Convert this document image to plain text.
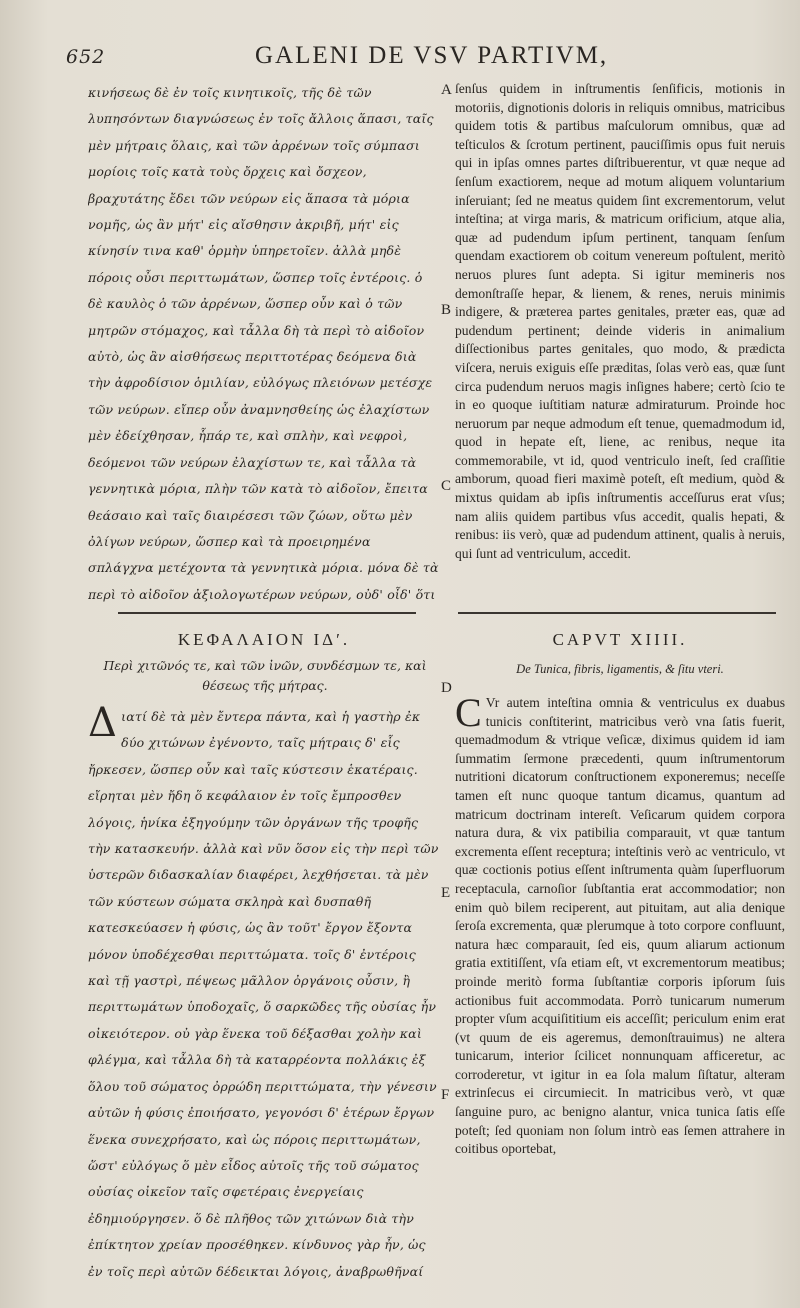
652	GALENI DE VSV PARTIVM,

κινήσεως δὲ ἐν τοῖς κινητικοῖς, τῆς δὲ τῶν λυπησόντων διαγνώσεως ἐν τοῖς ἄλλοις ἅπασι, ταῖς μὲν μήτραις ὅλαις, καὶ τῶν ἀρρένων τοῖς σύμπασι μορίοις τοῖς κατὰ τοὺς ὄρχεις καὶ ὄσχεον, βραχυτάτης ἔδει τῶν νεύρων εἰς ἅπασα τὰ μόρια νομῆς, ὡς ἂν μήτ' εἰς αἴσθησιν ἀκριβῆ, μήτ' εἰς κίνησίν τινα καθ' ὁρμὴν ὑπηρετοῖεν. ἀλλὰ μηδὲ πόροις οὖσι περιττωμάτων, ὥσπερ τοῖς ἐντέροις. ὁ δὲ καυλὸς ὁ τῶν ἀρρένων, ὥσπερ οὖν καὶ ὁ τῶν μητρῶν στόμαχος, καὶ τἆλλα δὴ τὰ περὶ τὸ αἰδοῖον αὐτὸ, ὡς ἂν αἰσθήσεως περιττοτέρας δεόμενα διὰ τὴν ἀφροδίσιον ὁμιλίαν, εὐλόγως πλειόνων μετέσχε τῶν νεύρων. εἴπερ οὖν ἀναμνησθείης ὡς ἐλαχίστων μὲν ἐδείχθησαν, ἧπάρ τε, καὶ σπλὴν, καὶ νεφροὶ, δεόμενοι τῶν νεύρων ἐλαχίστων τε, καὶ τἆλλα τὰ γεννητικὰ μόρια, πλὴν τῶν κατὰ τὸ αἰδοῖον, ἔπειτα θεάσαιο καὶ ταῖς διαιρέσεσι τῶν ζώων, οὕτω μὲν ὀλίγων νεύρων, ὥσπερ καὶ τὰ προειρημένα σπλάγχνα μετέχοντα τὰ γεννητικὰ μόρια. μόνα δὲ τὰ περὶ τὸ αἰδοῖον ἀξιολογωτέρων νεύρων, οὐδ' οἶδ' ὅτι

ſenſus quidem in inſtrumentis ſenſificis, motionis in motoriis, dignotionis doloris in reliquis omnibus, matricibus quidem totis & partibus maſculorum omnibus, quæ ad teſticulos & ſcrotum pertinent, pauciſſimis opus fuit neruis qui in ipſas omnes partes diſtribuerentur, vt quæ neque ad ſenſum exactiorem, neque ad motum aliquem voluntarium inſeruiant; ſed ne meatus quidem ſint excrementorum, velut inteſtina; at virga maris, & matricum orificium, atque alia, quæ ad pudendum ipſum pertinent, tanquam ſenſum quendam exactiorem ob coitum venereum poſtulent, meritò neruos plures ſunt adepta. Si igitur memineris nos demonſtraſſe hepar, & lienem, & renes, neruis minimis indigere, & præterea partes genitales, præter eas, quæ ad pudendum pertinent; deinde videris in animalium diſſectionibus partes genitales, quo modo, & prædicta viſcera, neruis exiguis eſſe præditas, ſolas verò eas, quæ ſunt circa pudendum neruos magis inſignes habere; certò ſcio te in eo quoque iuſtitiam naturæ admiraturum. Proinde hoc neruorum par neque admodum eſt tenue, quemadmodum id, quod in hepate eſt, liene, ac renibus, neque ita commemorabile, vt id, quod ventriculo ineſt, ſed craſſitie amborum, quoad fieri maximè poteſt, eſt medium, quòd & mixtus quidam ab ipſis inſtrumentis acceſſurus erat vſus; nam aliis quidem partibus vſus accedit, qualis hepati, & renibus: iis verò, quæ ad pudendum attinent, qualis à neruis, qui ſunt ad ventriculum, accedit.

A
B
C
D
E
F
ΚΕΦΑΛΑΙΟΝ ΙΔʹ.	CAPVT XIIII.
Περὶ χιτῶνός τε, καὶ τῶν ἰνῶν, συνδέσμων τε, καὶ θέσεως τῆς μήτρας.
De Tunica, fibris, ligamentis, & ſitu vteri.

Διατί δὲ τὰ μὲν ἔντερα πάντα, καὶ ἡ γαστὴρ ἐκ δύο χιτώνων ἐγένοντο, ταῖς μήτραις δ' εἷς ἤρκεσεν, ὥσπερ οὖν καὶ ταῖς κύστεσιν ἑκατέραις. εἴρηται μὲν ἤδη ὅ κεφάλαιον ἐν τοῖς ἔμπροσθεν λόγοις, ἡνίκα ἐξηγούμην τῶν ὀργάνων τῆς τροφῆς τὴν κατασκευήν. ἀλλὰ καὶ νῦν ὅσον εἰς τὴν περὶ τῶν ὑστερῶν διδασκαλίαν διαφέρει, λεχθήσεται. τὰ μὲν τῶν κύστεων σώματα σκληρὰ καὶ δυσπαθῆ κατεσκεύασεν ἡ φύσις, ὡς ἂν τοῦτ' ἔργον ἔξοντα μόνον ὑποδέχεσθαι περιττώματα. τοῖς δ' ἐντέροις καὶ τῇ γαστρὶ, πέψεως μᾶλλον ὀργάνοις οὖσιν, ἢ περιττωμάτων ὑποδοχαῖς, ὅ σαρκῶδες τῆς οὐσίας ἦν οἰκειότερον. οὐ γὰρ ἕνεκα τοῦ δέξασθαι χολὴν καὶ φλέγμα, καὶ τἆλλα δὴ τὰ καταρρέοντα πολλάκις ἐξ ὅλου τοῦ σώματος ὀρρώδη περιττώματα, τὴν γένεσιν αὐτῶν ἡ φύσις ἐποιήσατο, γεγονόσι δ' ἑτέρων ἔργων ἕνεκα συνεχρήσατο, καὶ ὡς πόροις περιττωμάτων, ὥστ' εὐλόγως ὅ μὲν εἶδος αὐτοῖς τῆς τοῦ σώματος οὐσίας οἰκεῖον ταῖς σφετέραις ἐνεργείαις ἐδημιούργησεν. ὅ δὲ πλῆθος τῶν χιτώνων διὰ τὴν ἐπίκτητον χρείαν προσέθηκεν. κίνδυνος γὰρ ἦν, ὡς ἐν τοῖς περὶ αὐτῶν δέδεικται λόγοις, ἀναβρωθῆναί

C Vr autem inteſtina omnia & ventriculus ex duabus tunicis conſtiterint, matricibus verò vna ſatis fuerit, quemadmodum & vtrique veſicæ, diximus quidem id iam ſummatim ſermone præcedenti, quum inſtrumentorum nutritioni dicatorum conſtructionem exponeremus; neceſſe tamen eſt nunc quoque tantum dicamus, quantum ad matricum doctrinam intereſt. Veſicarum quidem corpora natura dura, & vix patibilia comparauit, vt quæ tantum excrementa eſſent receptura; inteſtinis verò ac ventriculo, vt quæ coctionis potius eſſent inſtrumenta quàm ſuperfluorum receptacula, carnoſior ſubſtantia erat accommodatior; non enim quò bilem reciperent, aut pituitam, aut alia denique ſeroſa excrementa, quæ plerumque à toto corpore confluunt, natura hæc comparauit, ſed eis, quum aliarum actionum gratia extitiſſent, vſa etiam eſt, vt excrementorum meatibus; proinde meritò forma ſubſtantiæ corporis ipſorum ſuis actionibus fuit accommodata. Porrò tunicarum numerum propter vſum acquiſititium eis acceſſit; periculum enim erat (vt quum de eis ageremus, demonſtrauimus) ne altera tunicarum, interior ſcilicet nonnunquam afficeretur, ac corroderetur, vt igitur in ea ſola malum ſiſtatur, alteram extrinſecus ei circumiecit. In matricibus verò, vt quæ ſanguine puro, ac benigno alantur, vnica tunica ſatis eſſe poteſt; ſed quoniam non ſolum intrò eas ſemen attrahere in coitibus oportebat,
